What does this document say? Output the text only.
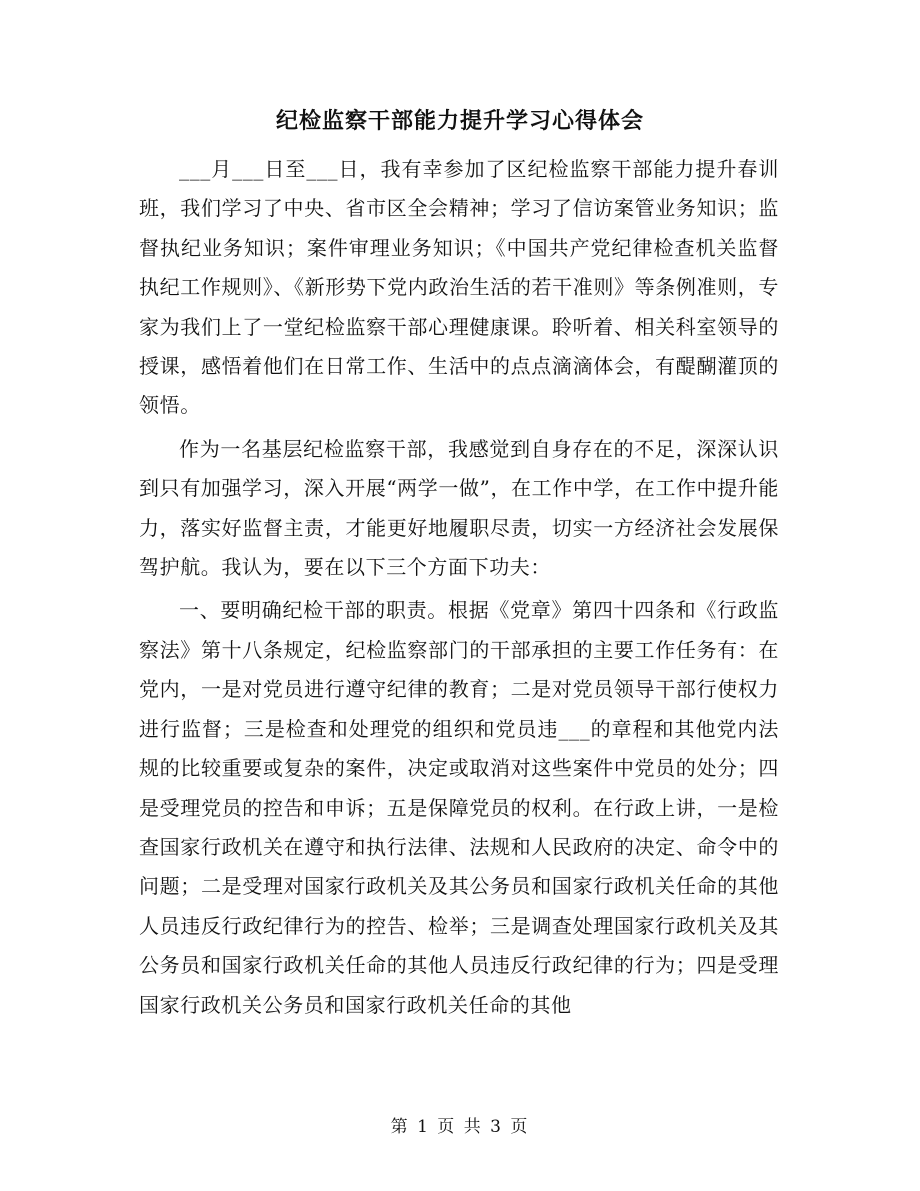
纪检监察干部能力提升学习心得体会

___月___日至___日，我有幸参加了区纪检监察干部能力提升春训班，我们学习了中央、省市区全会精神；学习了信访案管业务知识；监督执纪业务知识；案件审理业务知识；《中国共产党纪律检查机关监督执纪工作规则》、《新形势下党内政治生活的若干准则》等条例准则，专家为我们上了一堂纪检监察干部心理健康课。聆听着、相关科室领导的授课，感悟着他们在日常工作、生活中的点点滴滴体会，有醍醐灌顶的领悟。

作为一名基层纪检监察干部，我感觉到自身存在的不足，深深认识到只有加强学习，深入开展“两学一做”，在工作中学，在工作中提升能力，落实好监督主责，才能更好地履职尽责，切实一方经济社会发展保驾护航。我认为，要在以下三个方面下功夫：

一、要明确纪检干部的职责。根据《党章》第四十四条和《行政监察法》第十八条规定，纪检监察部门的干部承担的主要工作任务有：在党内，一是对党员进行遵守纪律的教育；二是对党员领导干部行使权力进行监督；三是检查和处理党的组织和党员违___的章程和其他党内法规的比较重要或复杂的案件，决定或取消对这些案件中党员的处分；四是受理党员的控告和申诉；五是保障党员的权利。在行政上讲，一是检查国家行政机关在遵守和执行法律、法规和人民政府的决定、命令中的问题；二是受理对国家行政机关及其公务员和国家行政机关任命的其他人员违反行政纪律行为的控告、检举；三是调查处理国家行政机关及其公务员和国家行政机关任命的其他人员违反行政纪律的行为；四是受理国家行政机关公务员和国家行政机关任命的其他

第 1 页 共 3 页
